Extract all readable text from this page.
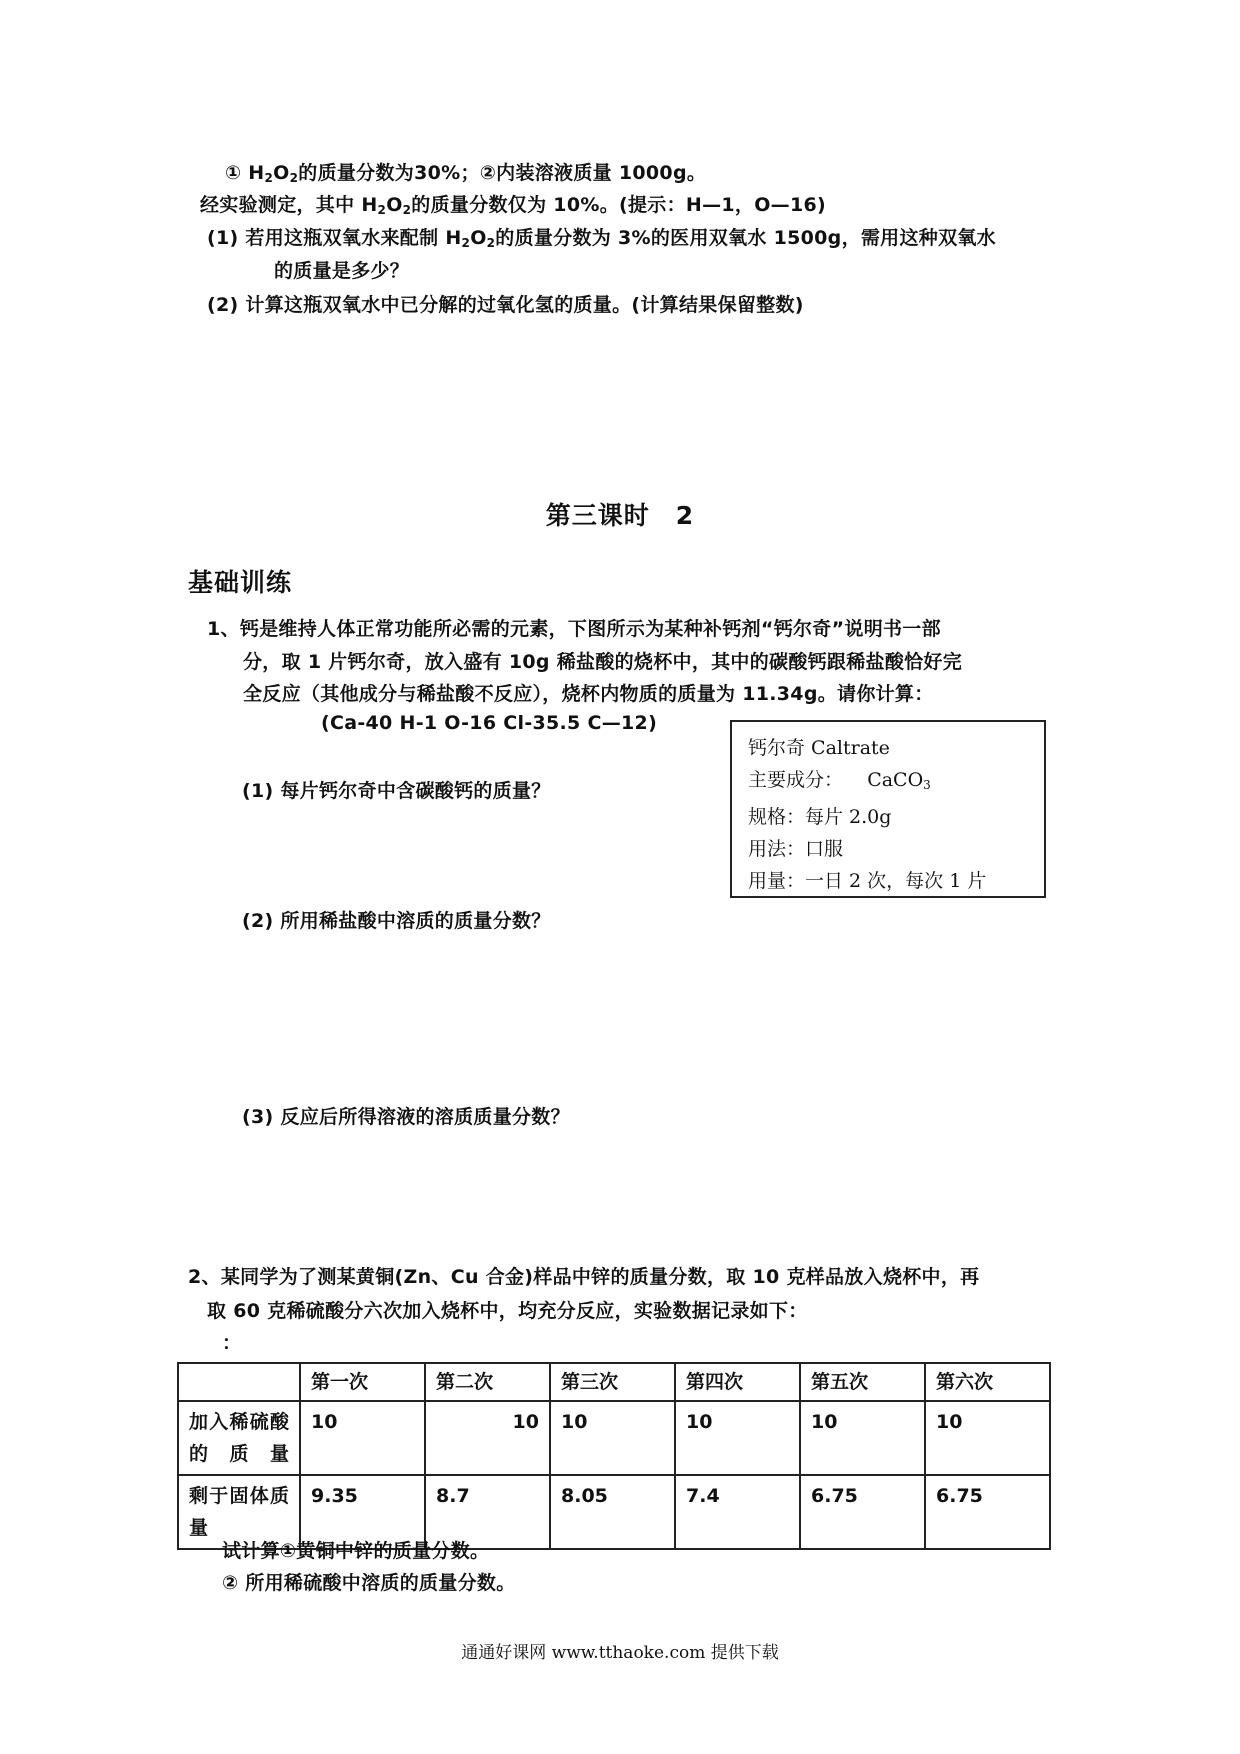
① $H_2O_2$的质量分数为30%；②内装溶液质量 1000g。
经实验测定，其中 $H_2O_2$的质量分数仅为 10%。(提示：H—1，O—16)
(1) 若用这瓶双氧水来配制 $H_2O_2$的质量分数为 3%的医用双氧水 1500g，需用这种双氧水
的质量是多少？
(2) 计算这瓶双氧水中已分解的过氧化氢的质量。(计算结果保留整数)
第三课时　2
基础训练
1、钙是维持人体正常功能所必需的元素，下图所示为某种补钙剂“钙尔奇”说明书一部
分，取 1 片钙尔奇，放入盛有 10g 稀盐酸的烧杯中，其中的碳酸钙跟稀盐酸恰好完
全反应（其他成分与稀盐酸不反应），烧杯内物质的质量为 11.34g。请你计算：
(Ca-40 H-1 O-16 Cl-35.5 C—12)
钙尔奇 Caltrate
主要成分： CaCO$_3$
规格：每片 2.0g
用法：口服
用量：一日 2 次，每次 1 片
(1) 每片钙尔奇中含碳酸钙的质量？
(2) 所用稀盐酸中溶质的质量分数？
(3) 反应后所得溶液的溶质质量分数？
2、某同学为了测某黄铜(Zn、Cu 合金)样品中锌的质量分数，取 10 克样品放入烧杯中，再
取 60 克稀硫酸分六次加入烧杯中，均充分反应，实验数据记录如下：
：
	第一次	第二次	第三次	第四次	第五次	第六次
加入稀硫酸的质量	10	10	10	10	10	10
剩于固体质量	9.35	8.7	8.05	7.4	6.75	6.75
试计算①黄铜中锌的质量分数。
② 所用稀硫酸中溶质的质量分数。
通通好课网 www.tthaoke.com 提供下载
